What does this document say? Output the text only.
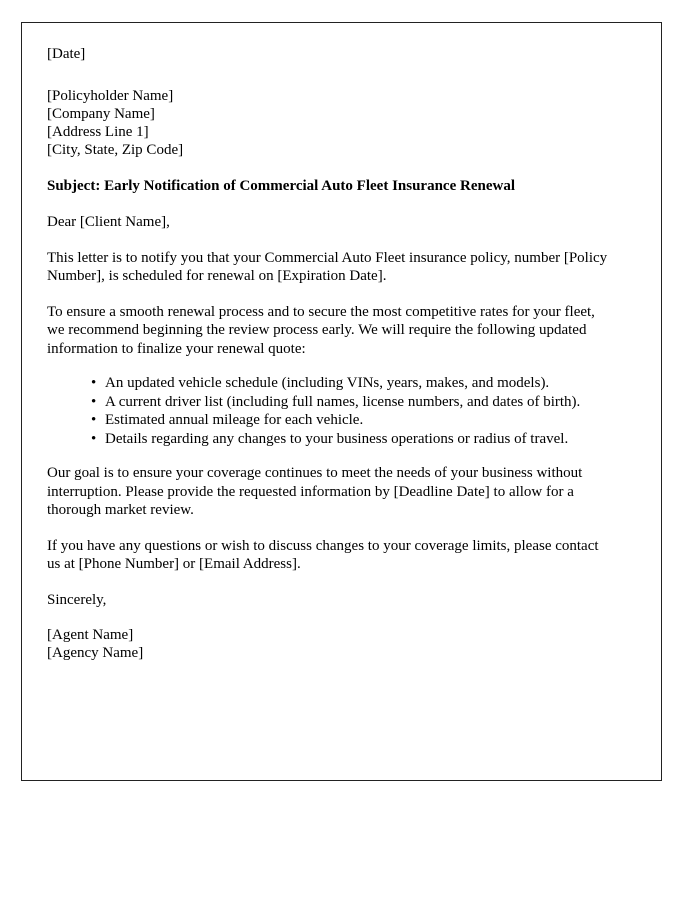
[Date]
[Policyholder Name]
[Company Name]
[Address Line 1]
[City, State, Zip Code]
Subject: Early Notification of Commercial Auto Fleet Insurance Renewal

Dear [Client Name],

This letter is to notify you that your Commercial Auto Fleet insurance policy, number [Policy Number], is scheduled for renewal on [Expiration Date].

To ensure a smooth renewal process and to secure the most competitive rates for your fleet, we recommend beginning the review process early. We will require the following updated information to finalize your renewal quote:

• An updated vehicle schedule (including VINs, years, makes, and models).
• A current driver list (including full names, license numbers, and dates of birth).
• Estimated annual mileage for each vehicle.
• Details regarding any changes to your business operations or radius of travel.

Our goal is to ensure your coverage continues to meet the needs of your business without interruption. Please provide the requested information by [Deadline Date] to allow for a thorough market review.

If you have any questions or wish to discuss changes to your coverage limits, please contact us at [Phone Number] or [Email Address].

Sincerely,

[Agent Name]
[Agency Name]
